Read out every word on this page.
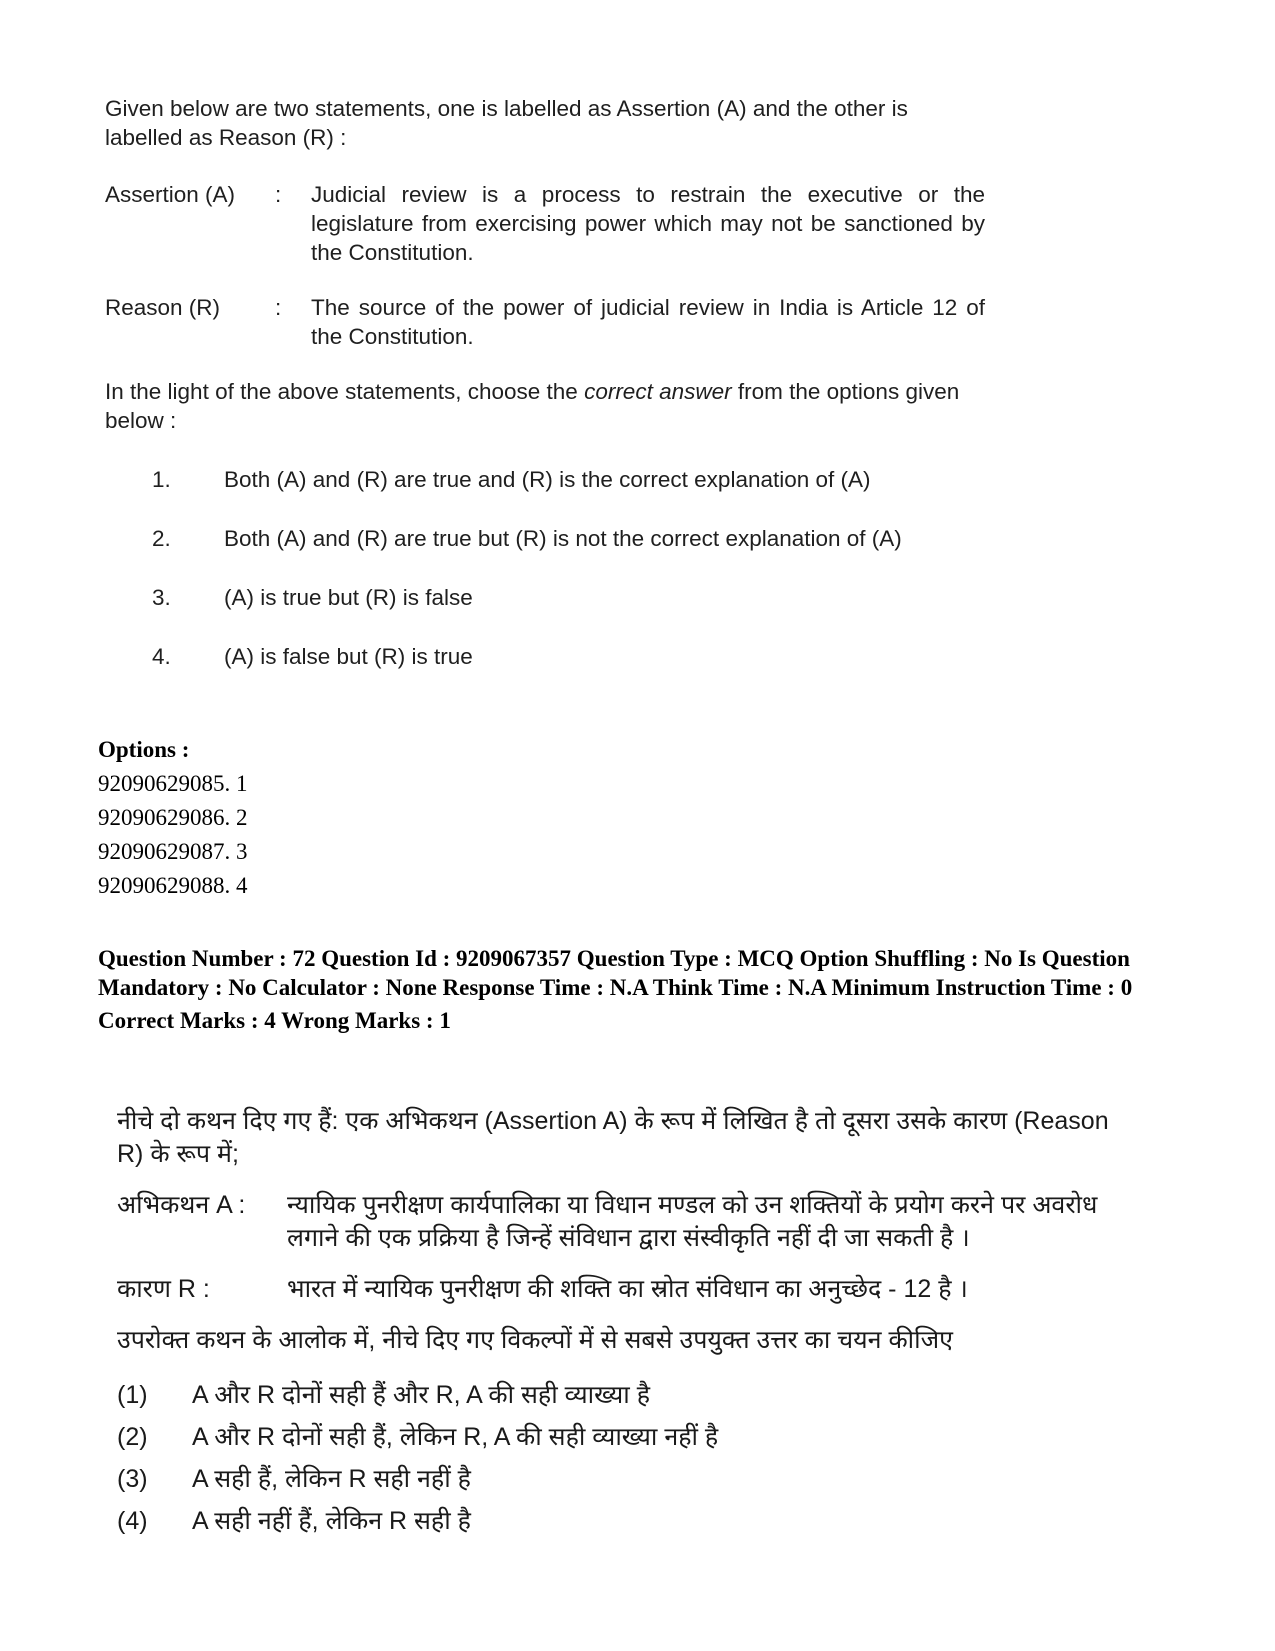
Given below are two statements, one is labelled as Assertion (A) and the other is labelled as Reason (R) :

Assertion (A)	:	Judicial review is a process to restrain the executive or the legislature from exercising power which may not be sanctioned by the Constitution.
Reason (R)	:	The source of the power of judicial review in India is Article 12 of the Constitution.

In the light of the above statements, choose the correct answer from the options given below :

1.	Both (A) and (R) are true and (R) is the correct explanation of (A)
2.	Both (A) and (R) are true but (R) is not the correct explanation of (A)
3.	(A) is true but (R) is false
4.	(A) is false but (R) is true
Options :
92090629085. 1
92090629086. 2
92090629087. 3
92090629088. 4
Question Number : 72 Question Id : 9209067357 Question Type : MCQ Option Shuffling : No Is Question Mandatory : No Calculator : None Response Time : N.A Think Time : N.A Minimum Instruction Time : 0
Correct Marks : 4 Wrong Marks : 1

नीचे दो कथन दिए गए हैं: एक अभिकथन (Assertion A) के रूप में लिखित है तो दूसरा उसके कारण (Reason R) के रूप में;

अभिकथन A :	न्यायिक पुनरीक्षण कार्यपालिका या विधान मण्डल को उन शक्तियों के प्रयोग करने पर अवरोध लगाने की एक प्रक्रिया है जिन्हें संविधान द्वारा संस्वीकृति नहीं दी जा सकती है ।
कारण R :	भारत में न्यायिक पुनरीक्षण की शक्ति का स्रोत संविधान का अनुच्छेद - 12 है ।

उपरोक्त कथन के आलोक में, नीचे दिए गए विकल्पों में से सबसे उपयुक्त उत्तर का चयन कीजिए

(1)	A और R दोनों सही हैं और R, A की सही व्याख्या है
(2)	A और R दोनों सही हैं, लेकिन R, A की सही व्याख्या नहीं है
(3)	A सही हैं, लेकिन R सही नहीं है
(4)	A सही नहीं हैं, लेकिन R सही है
